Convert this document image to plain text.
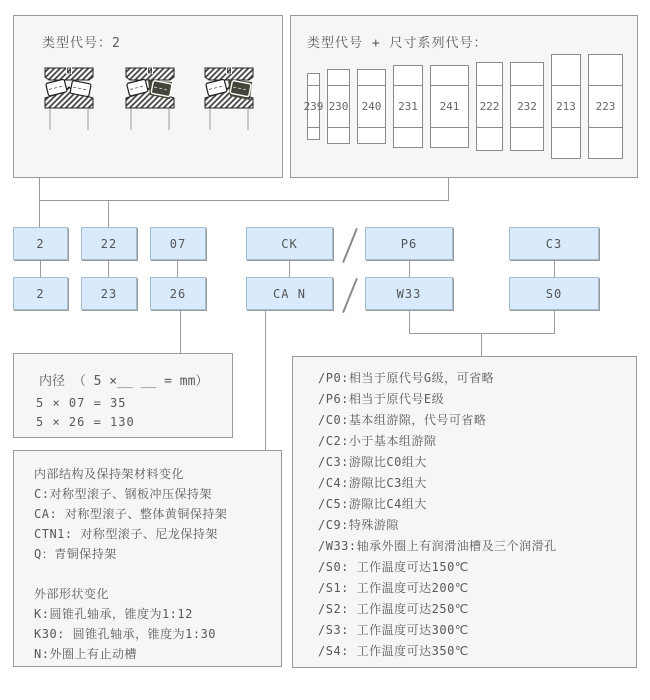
类型代号：2	类型代号 + 尺寸系列代号：
239 230	240	231	241	222	232	213	223
2	22	07	CK	P6	C3
2	23	26	CA N	W33	S0
内径 （ 5 ×__ __ = mm）
5 × 07 = 35
5 × 26 = 130
内部结构及保持架材料变化
C:对称型滚子、钢板冲压保持架
CA: 对称型滚子、整体黄铜保持架
CTN1: 对称型滚子、尼龙保持架
Q：青铜保持架

外部形状变化
K:圆锥孔轴承，锥度为1:12
K30: 圆锥孔轴承，锥度为1:30
N:外圈上有止动槽
/P0:相当于原代号G级，可省略
/P6:相当于原代号E级
/C0:基本组游隙，代号可省略
/C2:小于基本组游隙
/C3:游隙比C0组大
/C4:游隙比C3组大
/C5:游隙比C4组大
/C9:特殊游隙
/W33:轴承外圈上有润滑油槽及三个润滑孔
/S0: 工作温度可达150℃
/S1: 工作温度可达200℃
/S2: 工作温度可达250℃
/S3: 工作温度可达300℃
/S4: 工作温度可达350℃
